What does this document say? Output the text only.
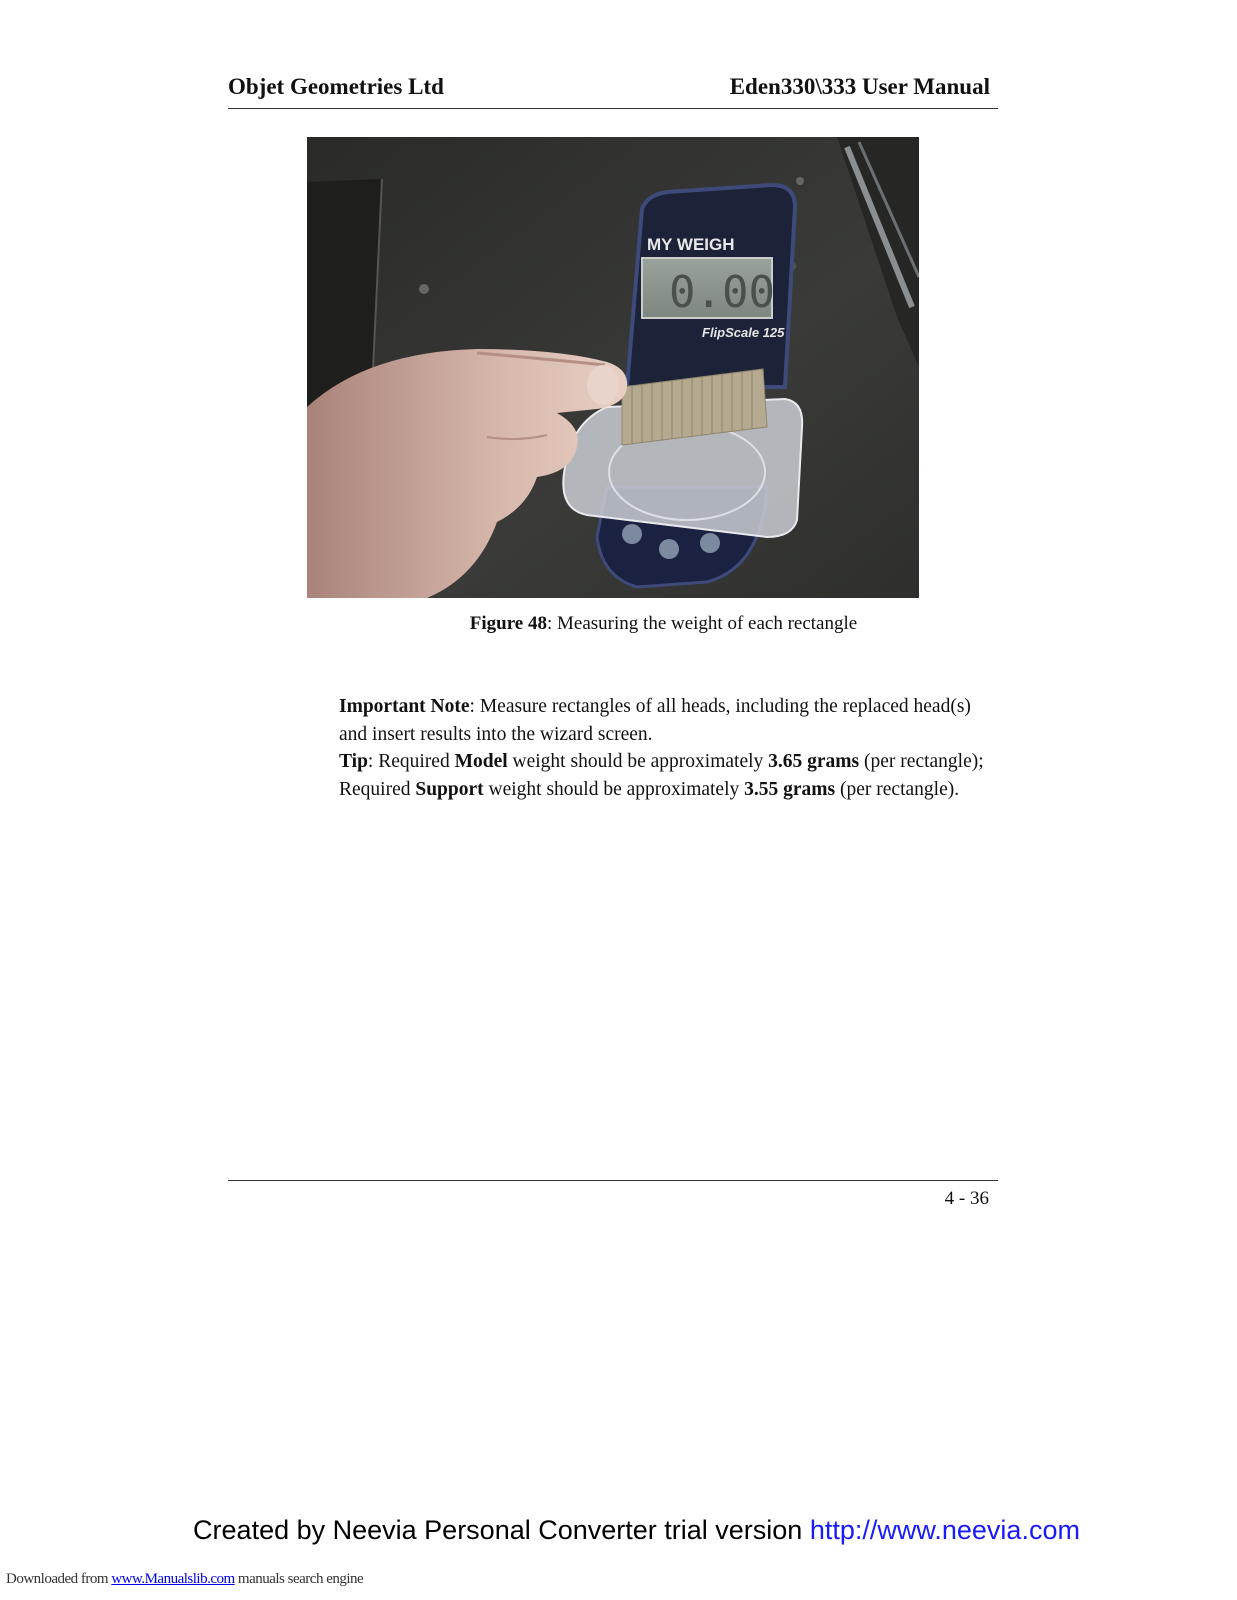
Objet Geometries Ltd	Eden330\333 User Manual
MY WEIGH
0.00
FlipScale 125
Figure 48: Measuring the weight of each rectangle

Important Note: Measure rectangles of all heads, including the replaced head(s) and insert results into the wizard screen.

Tip: Required Model weight should be approximately 3.65 grams (per rectangle); Required Support weight should be approximately 3.55 grams (per rectangle).

4 - 36
Created by Neevia Personal Converter trial version http://www.neevia.com
Downloaded from www.Manualslib.com manuals search engine
